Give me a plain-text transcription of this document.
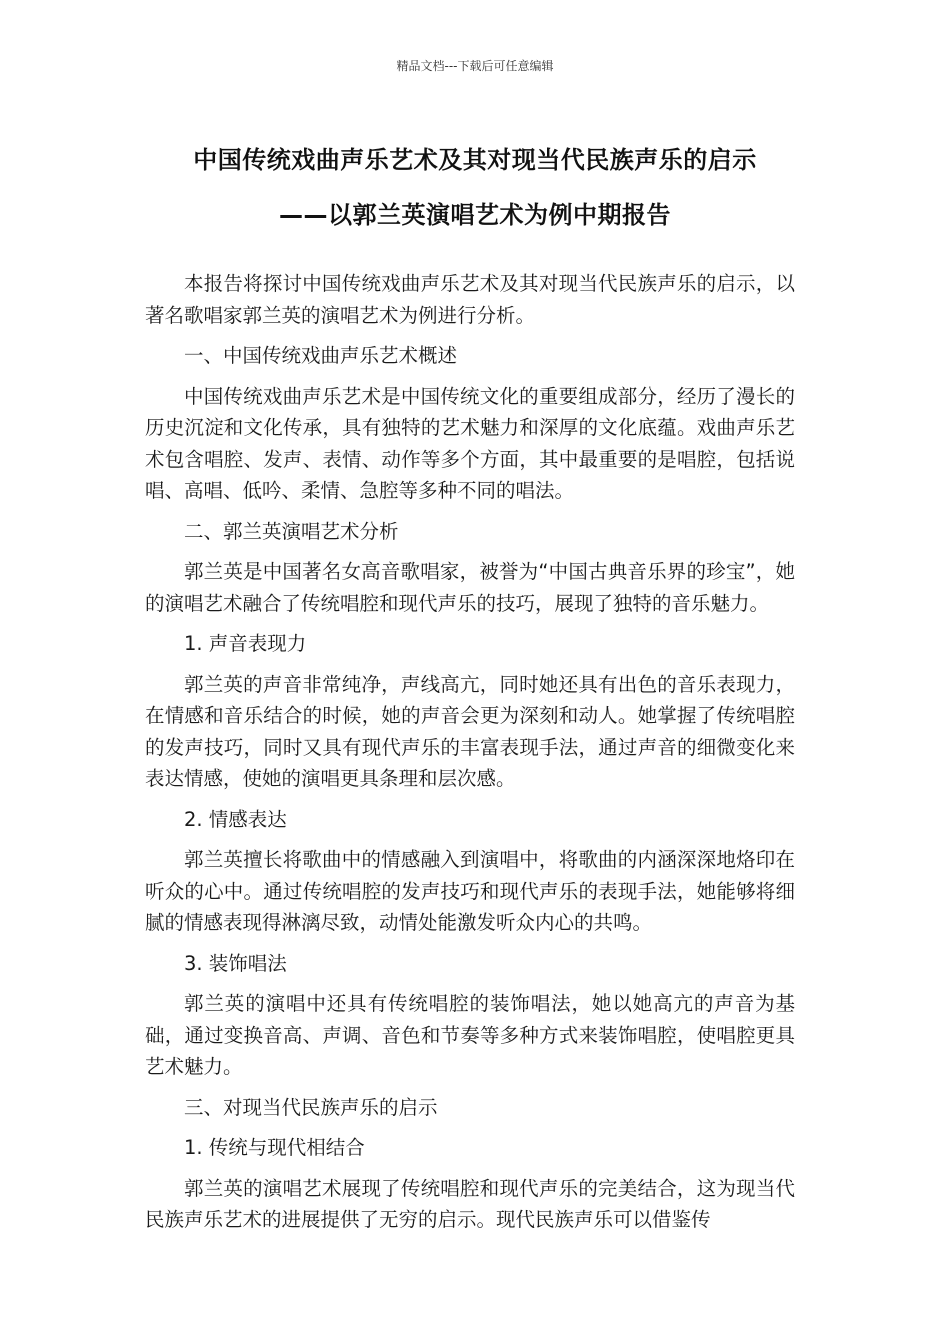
精品文档---下载后可任意编辑
中国传统戏曲声乐艺术及其对现当代民族声乐的启示
——以郭兰英演唱艺术为例中期报告

本报告将探讨中国传统戏曲声乐艺术及其对现当代民族声乐的启示，以著名歌唱家郭兰英的演唱艺术为例进行分析。

一、中国传统戏曲声乐艺术概述

中国传统戏曲声乐艺术是中国传统文化的重要组成部分，经历了漫长的历史沉淀和文化传承，具有独特的艺术魅力和深厚的文化底蕴。戏曲声乐艺术包含唱腔、发声、表情、动作等多个方面，其中最重要的是唱腔，包括说唱、高唱、低吟、柔情、急腔等多种不同的唱法。

二、郭兰英演唱艺术分析

郭兰英是中国著名女高音歌唱家，被誉为“中国古典音乐界的珍宝”，她的演唱艺术融合了传统唱腔和现代声乐的技巧，展现了独特的音乐魅力。

1. 声音表现力

郭兰英的声音非常纯净，声线高亢，同时她还具有出色的音乐表现力，在情感和音乐结合的时候，她的声音会更为深刻和动人。她掌握了传统唱腔的发声技巧，同时又具有现代声乐的丰富表现手法，通过声音的细微变化来表达情感，使她的演唱更具条理和层次感。

2. 情感表达

郭兰英擅长将歌曲中的情感融入到演唱中，将歌曲的内涵深深地烙印在听众的心中。通过传统唱腔的发声技巧和现代声乐的表现手法，她能够将细腻的情感表现得淋漓尽致，动情处能激发听众内心的共鸣。

3. 装饰唱法

郭兰英的演唱中还具有传统唱腔的装饰唱法，她以她高亢的声音为基础，通过变换音高、声调、音色和节奏等多种方式来装饰唱腔，使唱腔更具艺术魅力。

三、对现当代民族声乐的启示

1. 传统与现代相结合

郭兰英的演唱艺术展现了传统唱腔和现代声乐的完美结合，这为现当代民族声乐艺术的进展提供了无穷的启示。现代民族声乐可以借鉴传
